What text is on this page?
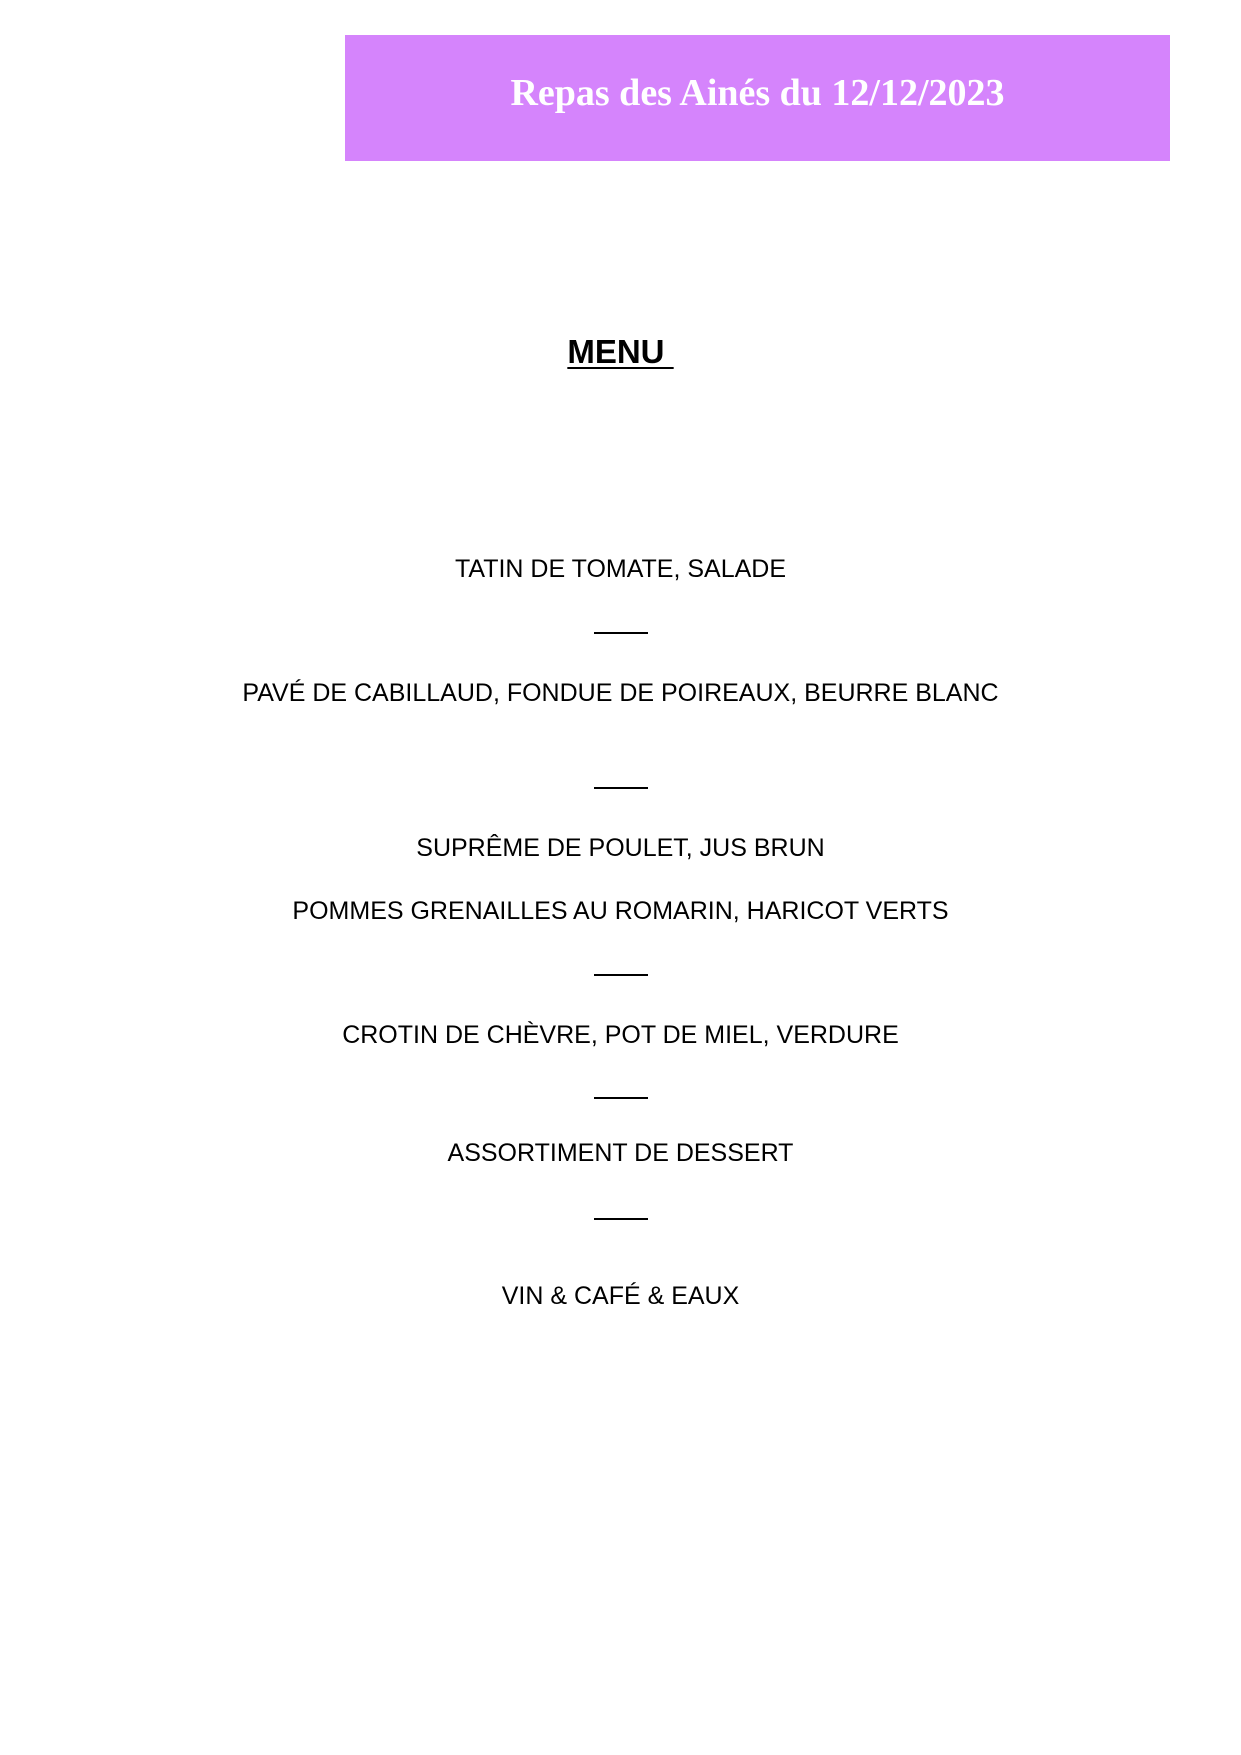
Repas des Ainés du 12/12/2023
MENU
TATIN DE TOMATE, SALADE
PAVÉ DE CABILLAUD, FONDUE DE POIREAUX, BEURRE BLANC
SUPRÊME DE POULET, JUS BRUN
POMMES GRENAILLES AU ROMARIN, HARICOT VERTS
CROTIN DE CHÈVRE, POT DE MIEL, VERDURE
ASSORTIMENT DE DESSERT
VIN & CAFÉ & EAUX
